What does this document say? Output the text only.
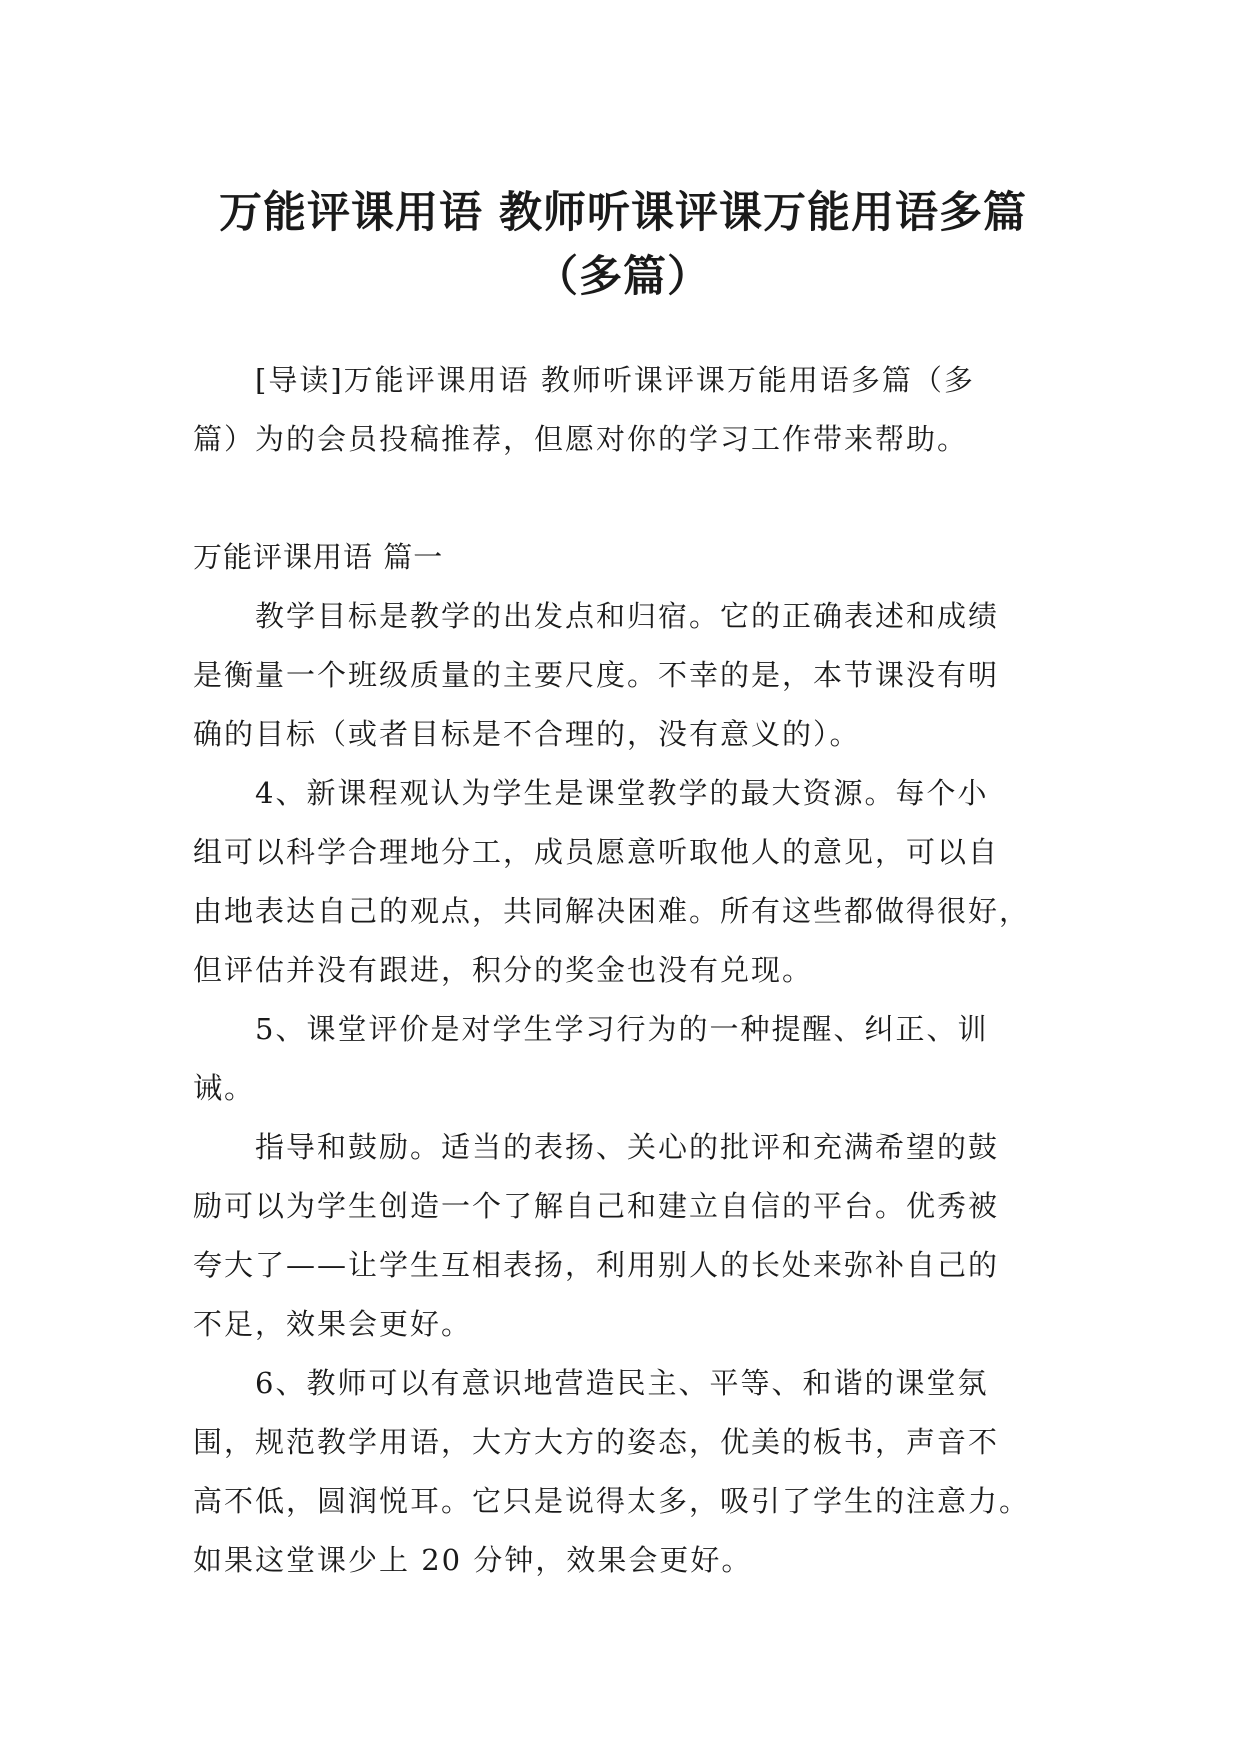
万能评课用语 教师听课评课万能用语多篇
（多篇）

[导读]万能评课用语 教师听课评课万能用语多篇（多
篇）为的会员投稿推荐，但愿对你的学习工作带来帮助。

万能评课用语 篇一

教学目标是教学的出发点和归宿。它的正确表述和成绩
是衡量一个班级质量的主要尺度。不幸的是，本节课没有明
确的目标（或者目标是不合理的，没有意义的）。

4、新课程观认为学生是课堂教学的最大资源。每个小
组可以科学合理地分工，成员愿意听取他人的意见，可以自
由地表达自己的观点，共同解决困难。所有这些都做得很好，
但评估并没有跟进，积分的奖金也没有兑现。

5、课堂评价是对学生学习行为的一种提醒、纠正、训
诫。

指导和鼓励。适当的表扬、关心的批评和充满希望的鼓
励可以为学生创造一个了解自己和建立自信的平台。优秀被
夸大了——让学生互相表扬，利用别人的长处来弥补自己的
不足，效果会更好。

6、教师可以有意识地营造民主、平等、和谐的课堂氛
围，规范教学用语，大方大方的姿态，优美的板书，声音不
高不低，圆润悦耳。它只是说得太多，吸引了学生的注意力。
如果这堂课少上 20 分钟，效果会更好。
